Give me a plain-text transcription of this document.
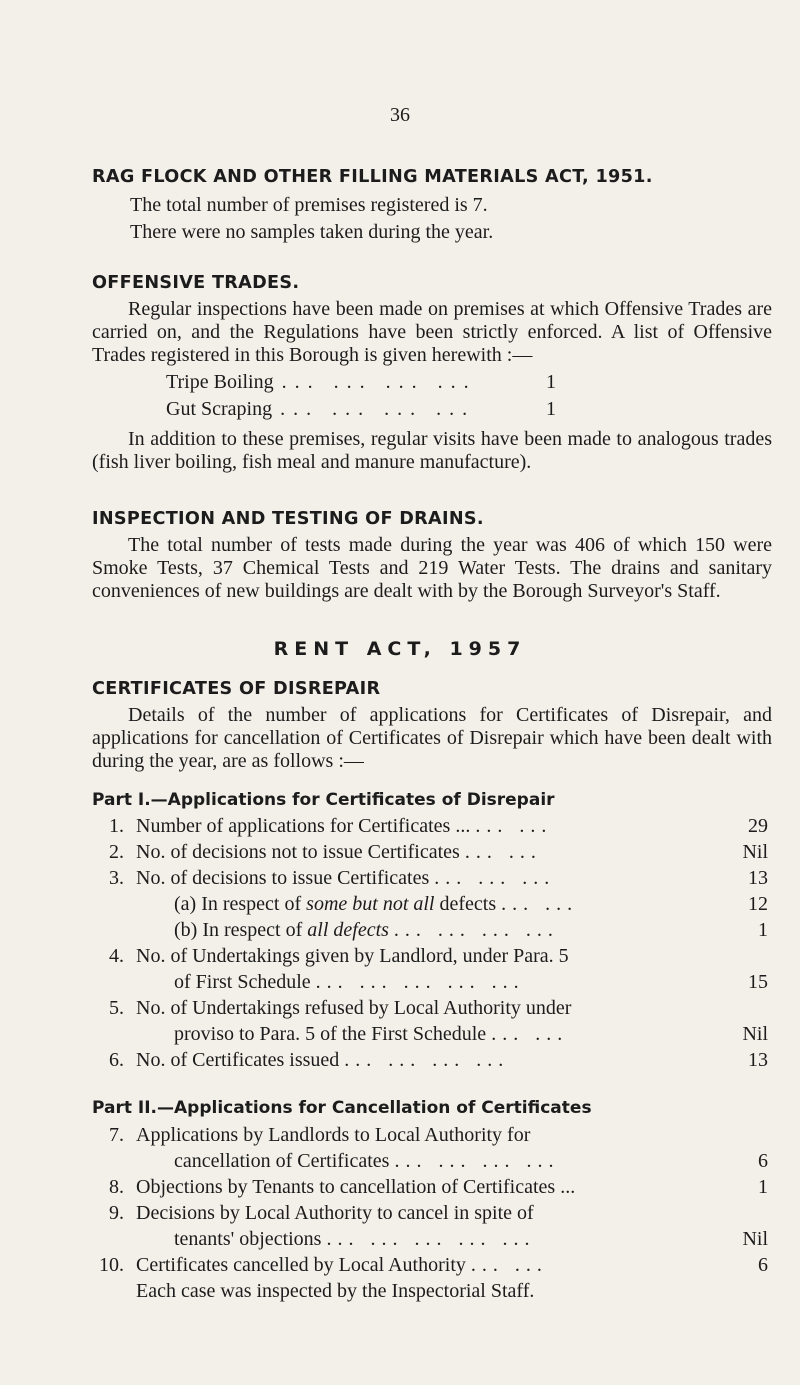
36
RAG FLOCK AND OTHER FILLING MATERIALS ACT, 1951.
The total number of premises registered is 7.
There were no samples taken during the year.
OFFENSIVE TRADES.
Regular inspections have been made on premises at which Offensive Trades are carried on, and the Regulations have been strictly enforced. A list of Offensive Trades registered in this Borough is given herewith :—
Tripe Boiling ... ... ... ...	1
Gut Scraping ... ... ... ...	1
In addition to these premises, regular visits have been made to analogous trades (fish liver boiling, fish meal and manure manufacture).
INSPECTION AND TESTING OF DRAINS.
The total number of tests made during the year was 406 of which 150 were Smoke Tests, 37 Chemical Tests and 219 Water Tests. The drains and sanitary conveniences of new buildings are dealt with by the Borough Surveyor's Staff.
RENT ACT, 1957
CERTIFICATES OF DISREPAIR
Details of the number of applications for Certificates of Disrepair, and applications for cancellation of Certificates of Disrepair which have been dealt with during the year, are as follows :—
Part I.—Applications for Certificates of Disrepair
1. Number of applications for Certificates ... ... ...	29
2. No. of decisions not to issue Certificates ... ...	Nil
3. No. of decisions to issue Certificates ... ... ...	13
(a) In respect of some but not all defects ... ...	12
(b) In respect of all defects ... ... ... ...	1
4. No. of Undertakings given by Landlord, under Para. 5
of First Schedule ... ... ... ... ...	15
5. No. of Undertakings refused by Local Authority under
proviso to Para. 5 of the First Schedule ... ...	Nil
6. No. of Certificates issued ... ... ... ...	13
Part II.—Applications for Cancellation of Certificates
7. Applications by Landlords to Local Authority for
cancellation of Certificates ... ... ... ...	6
8. Objections by Tenants to cancellation of Certificates ...	1
9. Decisions by Local Authority to cancel in spite of
tenants' objections ... ... ... ... ...	Nil
10. Certificates cancelled by Local Authority ... ...	6
Each case was inspected by the Inspectorial Staff.
